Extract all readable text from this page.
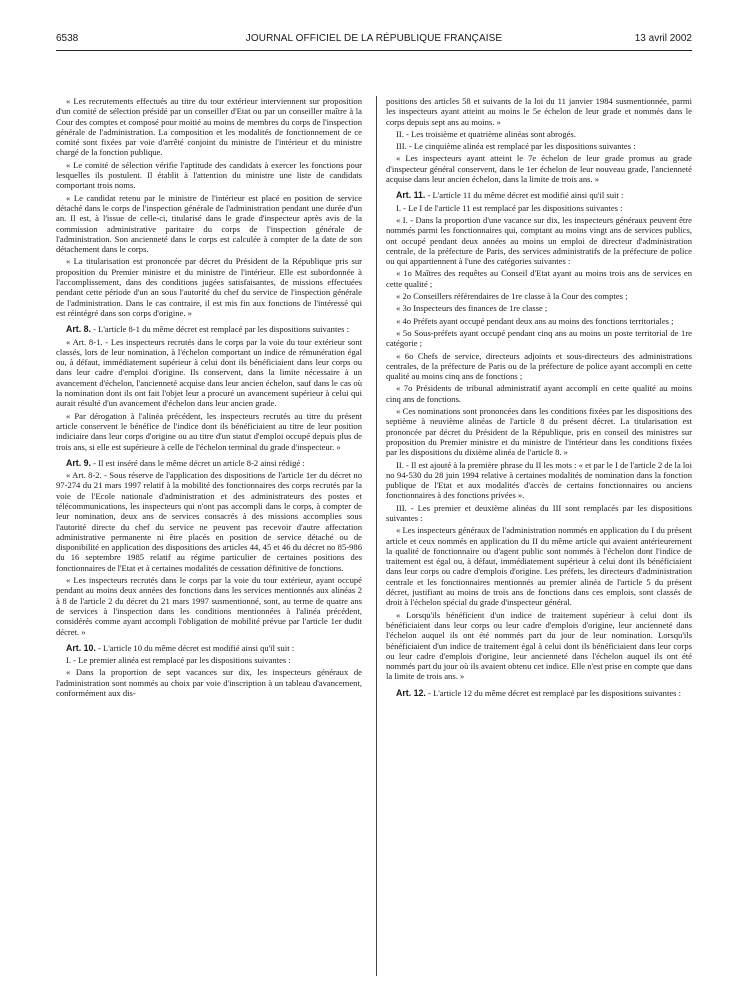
6538	JOURNAL OFFICIEL DE LA RÉPUBLIQUE FRANÇAISE	13 avril 2002

« Les recrutements effectués au titre du tour extérieur interviennent sur proposition d'un comité de sélection présidé par un conseiller d'Etat ou par un conseiller maître à la Cour des comptes et composé pour moitié au moins de membres du corps de l'inspection générale de l'administration. La composition et les modalités de fonctionnement de ce comité sont fixées par voie d'arrêté conjoint du ministre de l'intérieur et du ministre chargé de la fonction publique.

« Le comité de sélection vérifie l'aptitude des candidats à exercer les fonctions pour lesquelles ils postulent. Il établit à l'attention du ministre une liste de candidats comportant trois noms.

« Le candidat retenu par le ministre de l'intérieur est placé en position de service détaché dans le corps de l'inspection générale de l'administration pendant une durée d'un an. Il est, à l'issue de celle-ci, titularisé dans le grade d'inspecteur après avis de la commission administrative paritaire du corps de l'inspection générale de l'administration. Son ancienneté dans le corps est calculée à compter de la date de son détachement dans le corps.

« La titularisation est prononcée par décret du Président de la République pris sur proposition du Premier ministre et du ministre de l'intérieur. Elle est subordonnée à l'accomplissement, dans des conditions jugées satisfaisantes, de missions effectuées pendant cette période d'un an sous l'autorité du chef du service de l'inspection générale de l'administration. Dans le cas contraire, il est mis fin aux fonctions de l'intéressé qui est réintégré dans son corps d'origine. »

Art. 8. - L'article 8-1 du même décret est remplacé par les dispositions suivantes :

« Art. 8-1. - Les inspecteurs recrutés dans le corps par la voie du tour extérieur sont classés, lors de leur nomination, à l'échelon comportant un indice de rémunération égal ou, à défaut, immédiatement supérieur à celui dont ils bénéficiaient dans leur corps ou dans leur cadre d'emploi d'origine. Ils conservent, dans la limite nécessaire à un avancement d'échelon, l'ancienneté acquise dans leur ancien échelon, sauf dans le cas où la nomination dont ils ont fait l'objet leur a procuré un avancement supérieur à celui qui aurait résulté d'un avancement d'échelon dans leur ancien grade.

« Par dérogation à l'alinéa précédent, les inspecteurs recrutés au titre du présent article conservent le bénéfice de l'indice dont ils bénéficiaient au titre de leur position indiciaire dans leur corps d'origine ou au titre d'un statut d'emploi occupé depuis plus de trois ans, si elle est supérieure à celle de l'échelon terminal du grade d'inspecteur. »

Art. 9. - Il est inséré dans le même décret un article 8-2 ainsi rédigé :

« Art. 8-2. - Sous réserve de l'application des dispositions de l'article 1er du décret no 97-274 du 21 mars 1997 relatif à la mobilité des fonctionnaires des corps recrutés par la voie de l'Ecole nationale d'administration et des administrateurs des postes et télécommunications, les inspecteurs qui n'ont pas accompli dans le corps, à compter de leur nomination, deux ans de services consacrés à des missions accomplies sous l'autorité directe du chef du service ne peuvent pas recevoir d'autre affectation administrative permanente ni être placés en position de service détaché ou de disponibilité en application des dispositions des articles 44, 45 et 46 du décret no 85-986 du 16 septembre 1985 relatif au régime particulier de certaines positions des fonctionnaires de l'Etat et à certaines modalités de cessation définitive de fonctions.

« Les inspecteurs recrutés dans le corps par la voie du tour extérieur, ayant occupé pendant au moins deux années des fonctions dans les services mentionnés aux alinéas 2 à 8 de l'article 2 du décret du 21 mars 1997 susmentionné, sont, au terme de quatre ans de services à l'inspection dans les conditions mentionnées à l'alinéa précédent, considérés comme ayant accompli l'obligation de mobilité prévue par l'article 1er dudit décret. »

Art. 10. - L'article 10 du même décret est modifié ainsi qu'il suit :

I. - Le premier alinéa est remplacé par les dispositions suivantes :

« Dans la proportion de sept vacances sur dix, les inspecteurs généraux de l'administration sont nommés au choix par voie d'inscription à un tableau d'avancement, conformément aux dis-

positions des articles 58 et suivants de la loi du 11 janvier 1984 susmentionnée, parmi les inspecteurs ayant atteint au moins le 5e échelon de leur grade et nommés dans le corps depuis sept ans au moins. »

II. - Les troisième et quatrième alinéas sont abrogés.

III. - Le cinquième alinéa est remplacé par les dispositions suivantes :

« Les inspecteurs ayant atteint le 7e échelon de leur grade promus au grade d'inspecteur général conservent, dans le 1er échelon de leur nouveau grade, l'ancienneté acquise dans leur ancien échelon, dans la limite de trois ans. »

Art. 11. - L'article 11 du même décret est modifié ainsi qu'il suit :

I. - Le I de l'article 11 est remplacé par les dispositions suivantes :

« I. - Dans la proportion d'une vacance sur dix, les inspecteurs généraux peuvent être nommés parmi les fonctionnaires qui, comptant au moins vingt ans de services publics, ont occupé pendant deux années au moins un emploi de directeur d'administration centrale, de la préfecture de Paris, des services administratifs de la préfecture de police ou qui appartiennent à l'une des catégories suivantes :

« 1o Maîtres des requêtes au Conseil d'Etat ayant au moins trois ans de services en cette qualité ;

« 2o Conseillers référendaires de 1re classe à la Cour des comptes ;

« 3o Inspecteurs des finances de 1re classe ;

« 4o Préfets ayant occupé pendant deux ans au moins des fonctions territoriales ;

« 5o Sous-préfets ayant occupé pendant cinq ans au moins un poste territorial de 1re catégorie ;

« 6o Chefs de service, directeurs adjoints et sous-directeurs des administrations centrales, de la préfecture de Paris ou de la préfecture de police ayant accompli en cette qualité au moins cinq ans de fonctions ;

« 7o Présidents de tribunal administratif ayant accompli en cette qualité au moins cinq ans de fonctions.

« Ces nominations sont prononcées dans les conditions fixées par les dispositions des septième à neuvième alinéas de l'article 8 du présent décret. La titularisation est prononcée par décret du Président de la République, pris en conseil des ministres sur proposition du Premier ministre et du ministre de l'intérieur dans les conditions fixées par les dispositions du dixième alinéa de l'article 8. »

II. - Il est ajouté à la première phrase du II les mots : « et par le I de l'article 2 de la loi no 94-530 du 28 juin 1994 relative à certaines modalités de nomination dans la fonction publique de l'Etat et aux modalités d'accès de certains fonctionnaires ou anciens fonctionnaires à des fonctions privées ».

III. - Les premier et deuxième alinéas du III sont remplacés par les dispositions suivantes :

« Les inspecteurs généraux de l'administration nommés en application du I du présent article et ceux nommés en application du II du même article qui avaient antérieurement la qualité de fonctionnaire ou d'agent public sont nommés à l'échelon dont l'indice de traitement est égal ou, à défaut, immédiatement supérieur à celui dont ils bénéficiaient dans leur corps ou cadre d'emplois d'origine. Les préfets, les directeurs d'administration centrale et les fonctionnaires mentionnés au premier alinéa de l'article 5 du présent décret, justifiant au moins de trois ans de fonctions dans ces emplois, sont classés de droit à l'échelon spécial du grade d'inspecteur général.

« Lorsqu'ils bénéficient d'un indice de traitement supérieur à celui dont ils bénéficiaient dans leur corps ou leur cadre d'emplois d'origine, leur ancienneté dans l'échelon auquel ils ont été nommés part du jour de leur nomination. Lorsqu'ils bénéficiaient d'un indice de traitement égal à celui dont ils bénéficiaient dans leur corps ou leur cadre d'emplois d'origine, leur ancienneté dans l'échelon auquel ils ont été nommés part du jour où ils avaient obtenu cet indice. Elle n'est prise en compte que dans la limite de trois ans. »

Art. 12. - L'article 12 du même décret est remplacé par les dispositions suivantes :
